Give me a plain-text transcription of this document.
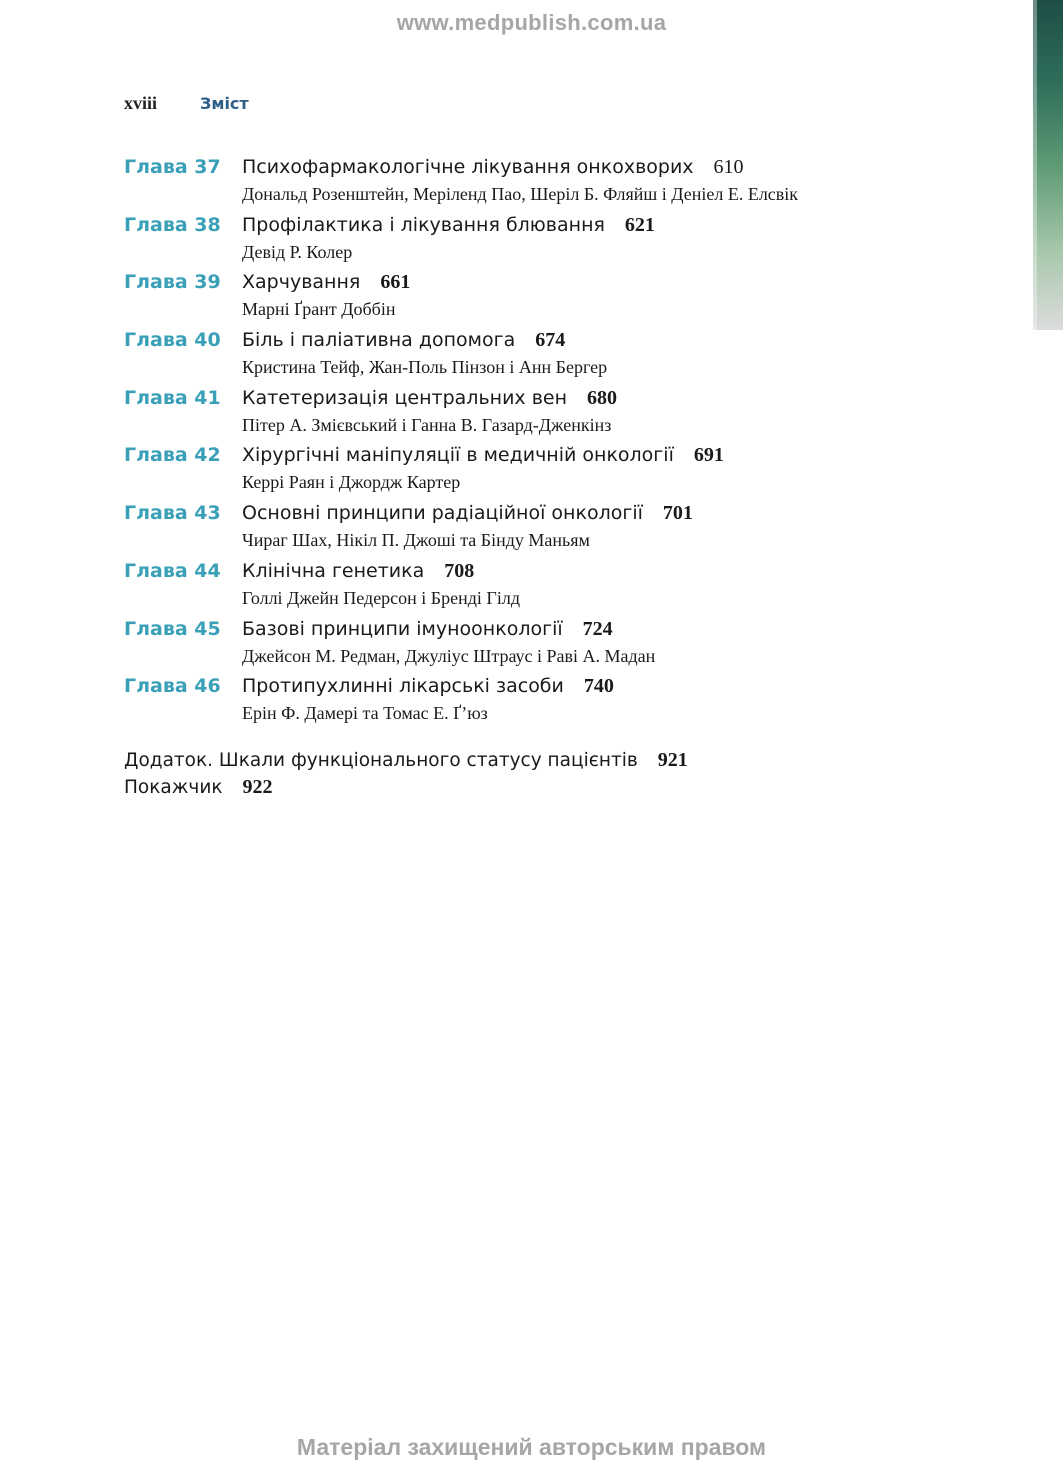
www.medpublish.com.ua
xviii	Зміст
Глава 37	Психофармакологічне лікування онкохворих 610
Дональд Розенштейн, Меріленд Пао, Шеріл Б. Фляйш і Деніел Е. Елсвік
Глава 38	Профілактика і лікування блювання 621
Девід Р. Колер
Глава 39	Харчування 661
Марні Ґрант Доббін
Глава 40	Біль і паліативна допомога 674
Кристина Тейф, Жан-Поль Пінзон і Анн Бергер
Глава 41	Катетеризація центральних вен 680
Пітер А. Змієвський і Ганна В. Газард-Дженкінз
Глава 42	Хірургічні маніпуляції в медичній онкології 691
Керрі Раян і Джордж Картер
Глава 43	Основні принципи радіаційної онкології 701
Чираг Шах, Нікіл П. Джоші та Бінду Маньям
Глава 44	Клінічна генетика 708
Голлі Джейн Педерсон і Бренді Гілд
Глава 45	Базові принципи імуноонкології 724
Джейсон М. Редман, Джуліус Штраус і Раві А. Мадан
Глава 46	Протипухлинні лікарські засоби 740
Ерін Ф. Дамері та Томас Е. Ґ’юз
Додаток. Шкали функціонального статусу пацієнтів 921
Покажчик 922
Матеріал захищений авторським правом
